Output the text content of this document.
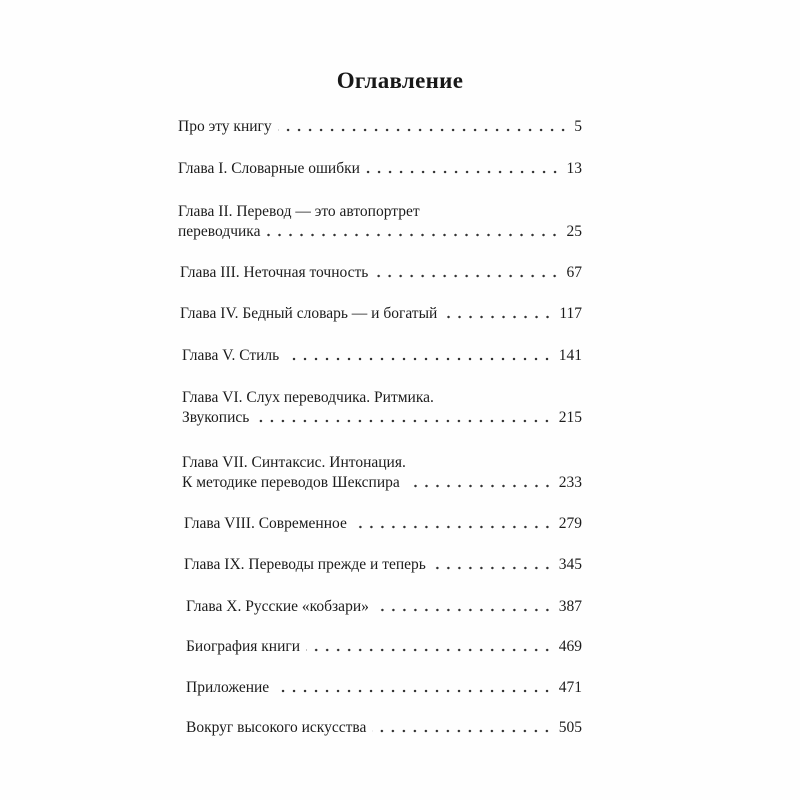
Оглавление
Про эту книгу	5
Глава I. Словарные ошибки	13
Глава II. Перевод — это автопортрет
переводчика	25
Глава III. Неточная точность	67
Глава IV. Бедный словарь — и богатый	117
Глава V. Стиль	141
Глава VI. Слух переводчика. Ритмика.
Звукопись	215
Глава VII. Синтаксис. Интонация.
К методике переводов Шекспира	233
Глава VIII. Современное	279
Глава IX. Переводы прежде и теперь	345
Глава X. Русские «кобзари»	387
Биография книги	469
Приложение	471
Вокруг высокого искусства	505
